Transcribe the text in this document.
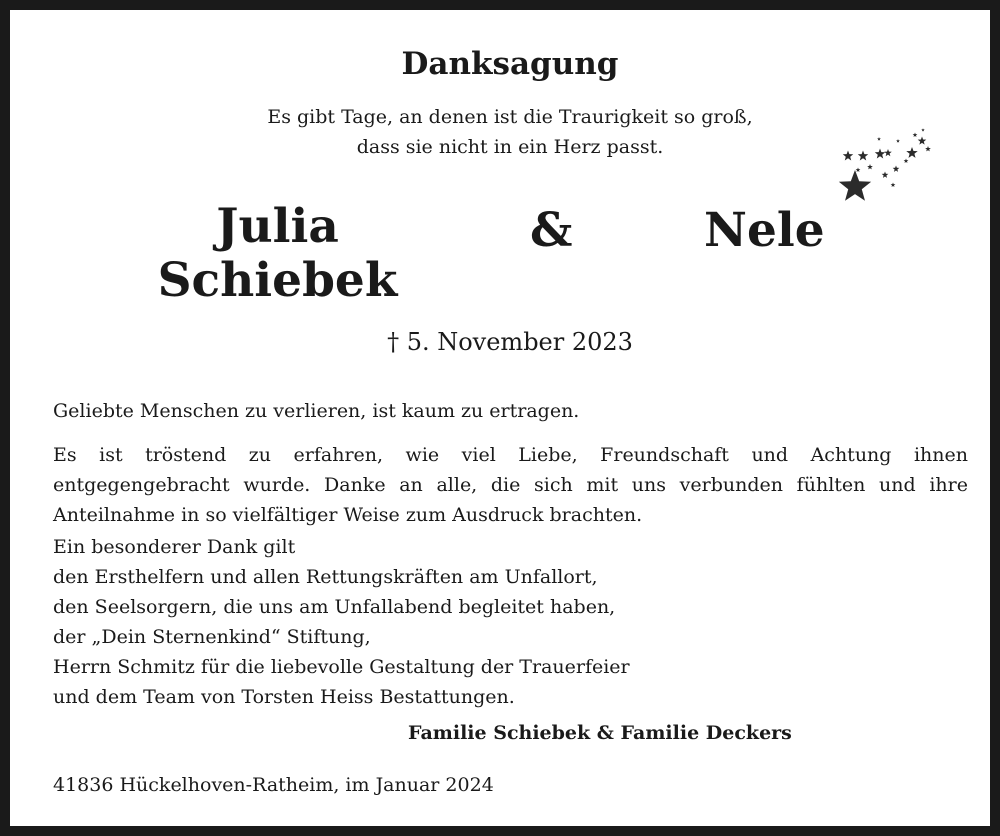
Danksagung
Es gibt Tage, an denen ist die Traurigkeit so groß,
dass sie nicht in ein Herz passt.
Julia
Schiebek
&	Nele
† 5. November 2023
Geliebte Menschen zu verlieren, ist kaum zu ertragen.
Es ist tröstend zu erfahren, wie viel Liebe, Freundschaft und Achtung ihnen entgegengebracht wurde. Danke an alle, die sich mit uns verbunden fühlten und ihre Anteilnahme in so vielfältiger Weise zum Ausdruck brachten.
Ein besonderer Dank gilt
den Ersthelfern und allen Rettungskräften am Unfallort,
den Seelsorgern, die uns am Unfallabend begleitet haben,
der „Dein Sternenkind“ Stiftung,
Herrn Schmitz für die liebevolle Gestaltung der Trauerfeier
und dem Team von Torsten Heiss Bestattungen.
Familie Schiebek & Familie Deckers
41836 Hückelhoven-Ratheim, im Januar 2024
